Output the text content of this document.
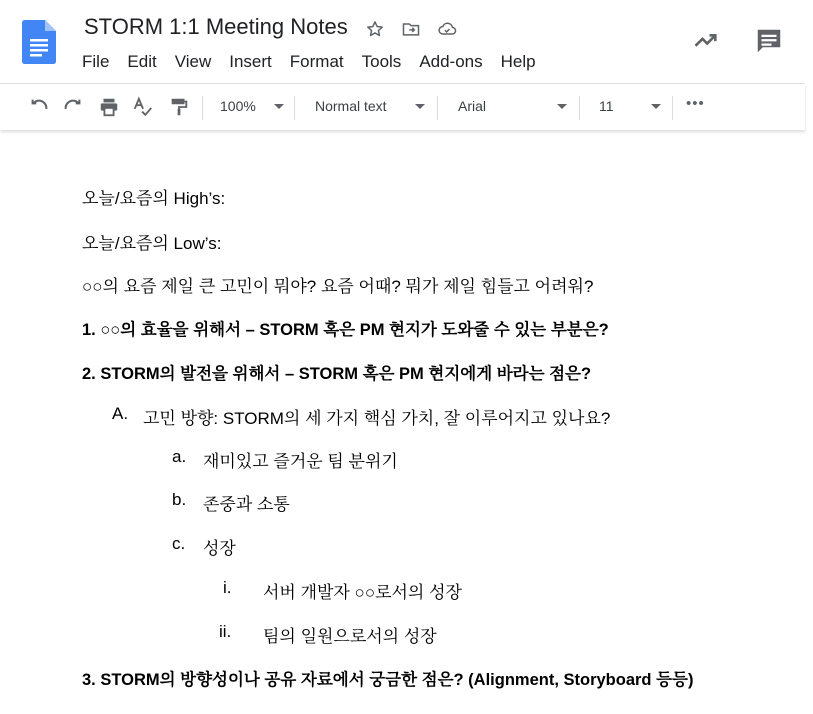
STORM 1:1 Meeting Notes
File Edit View Insert Format Tools Add-ons Help
100%	Normal text	Arial	11	•••
오늘/요즘의 High’s:
오늘/요즘의 Low’s:
○○의 요즘 제일 큰 고민이 뭐야? 요즘 어때? 뭐가 제일 힘들고 어려워?
1. ○○의 효율을 위해서 – STORM 혹은 PM 현지가 도와줄 수 있는 부분은?
2. STORM의 발전을 위해서 – STORM 혹은 PM 현지에게 바라는 점은?
A. 고민 방향: STORM의 세 가지 핵심 가치, 잘 이루어지고 있나요?
a. 재미있고 즐거운 팀 분위기
b. 존중과 소통
c. 성장
i. 서버 개발자 ○○로서의 성장
ii. 팀의 일원으로서의 성장
3. STORM의 방향성이나 공유 자료에서 궁금한 점은? (Alignment, Storyboard 등등)
